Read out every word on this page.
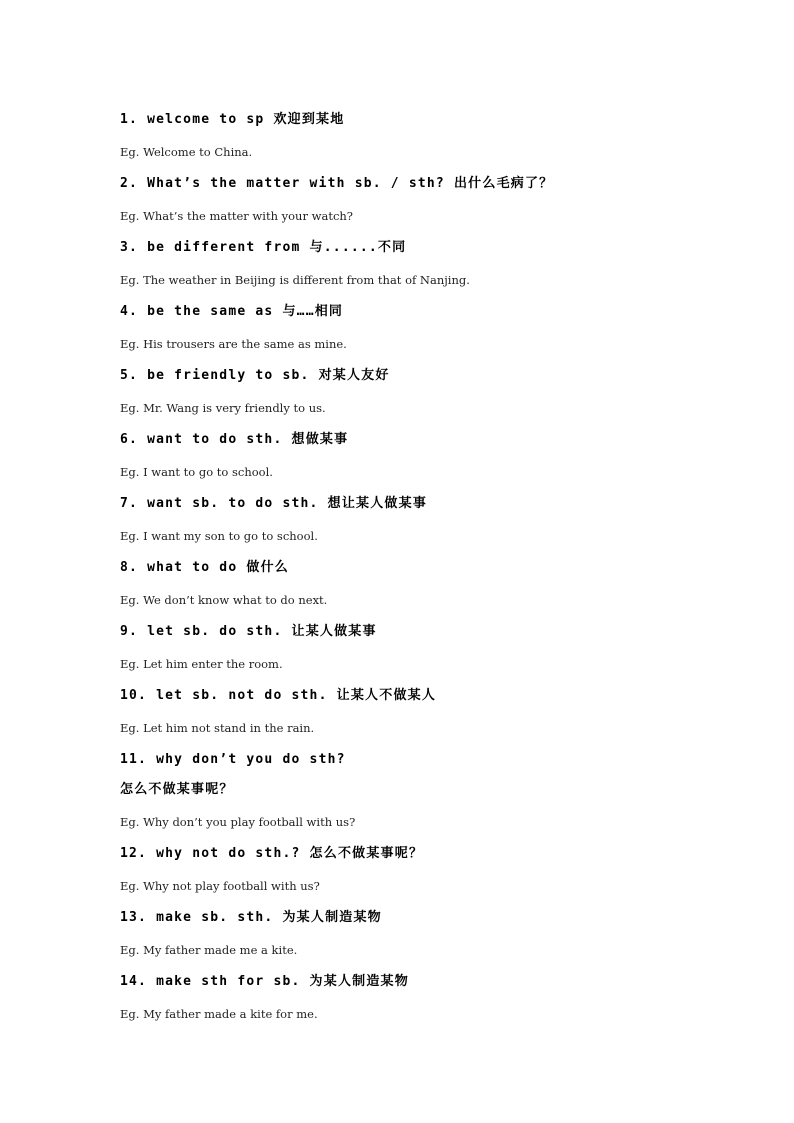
1. welcome to sp 欢迎到某地
Eg. Welcome to China.
2. What’s the matter with sb. / sth? 出什么毛病了？
Eg. What’s the matter with your watch?
3. be different from 与......不同
Eg. The weather in Beijing is different from that of Nanjing.
4. be the same as 与……相同
Eg. His trousers are the same as mine.
5. be friendly to sb. 对某人友好
Eg. Mr. Wang is very friendly to us.
6. want to do sth. 想做某事
Eg. I want to go to school.
7. want sb. to do sth. 想让某人做某事
Eg. I want my son to go to school.
8. what to do 做什么
Eg. We don’t know what to do next.
9. let sb. do sth. 让某人做某事
Eg. Let him enter the room.
10. let sb. not do sth. 让某人不做某人
Eg. Let him not stand in the rain.
11. why don’t you do sth?
怎么不做某事呢？
Eg. Why don’t you play football with us?
12. why not do sth.? 怎么不做某事呢？
Eg. Why not play football with us?
13. make sb. sth. 为某人制造某物
Eg. My father made me a kite.
14. make sth for sb. 为某人制造某物
Eg. My father made a kite for me.
